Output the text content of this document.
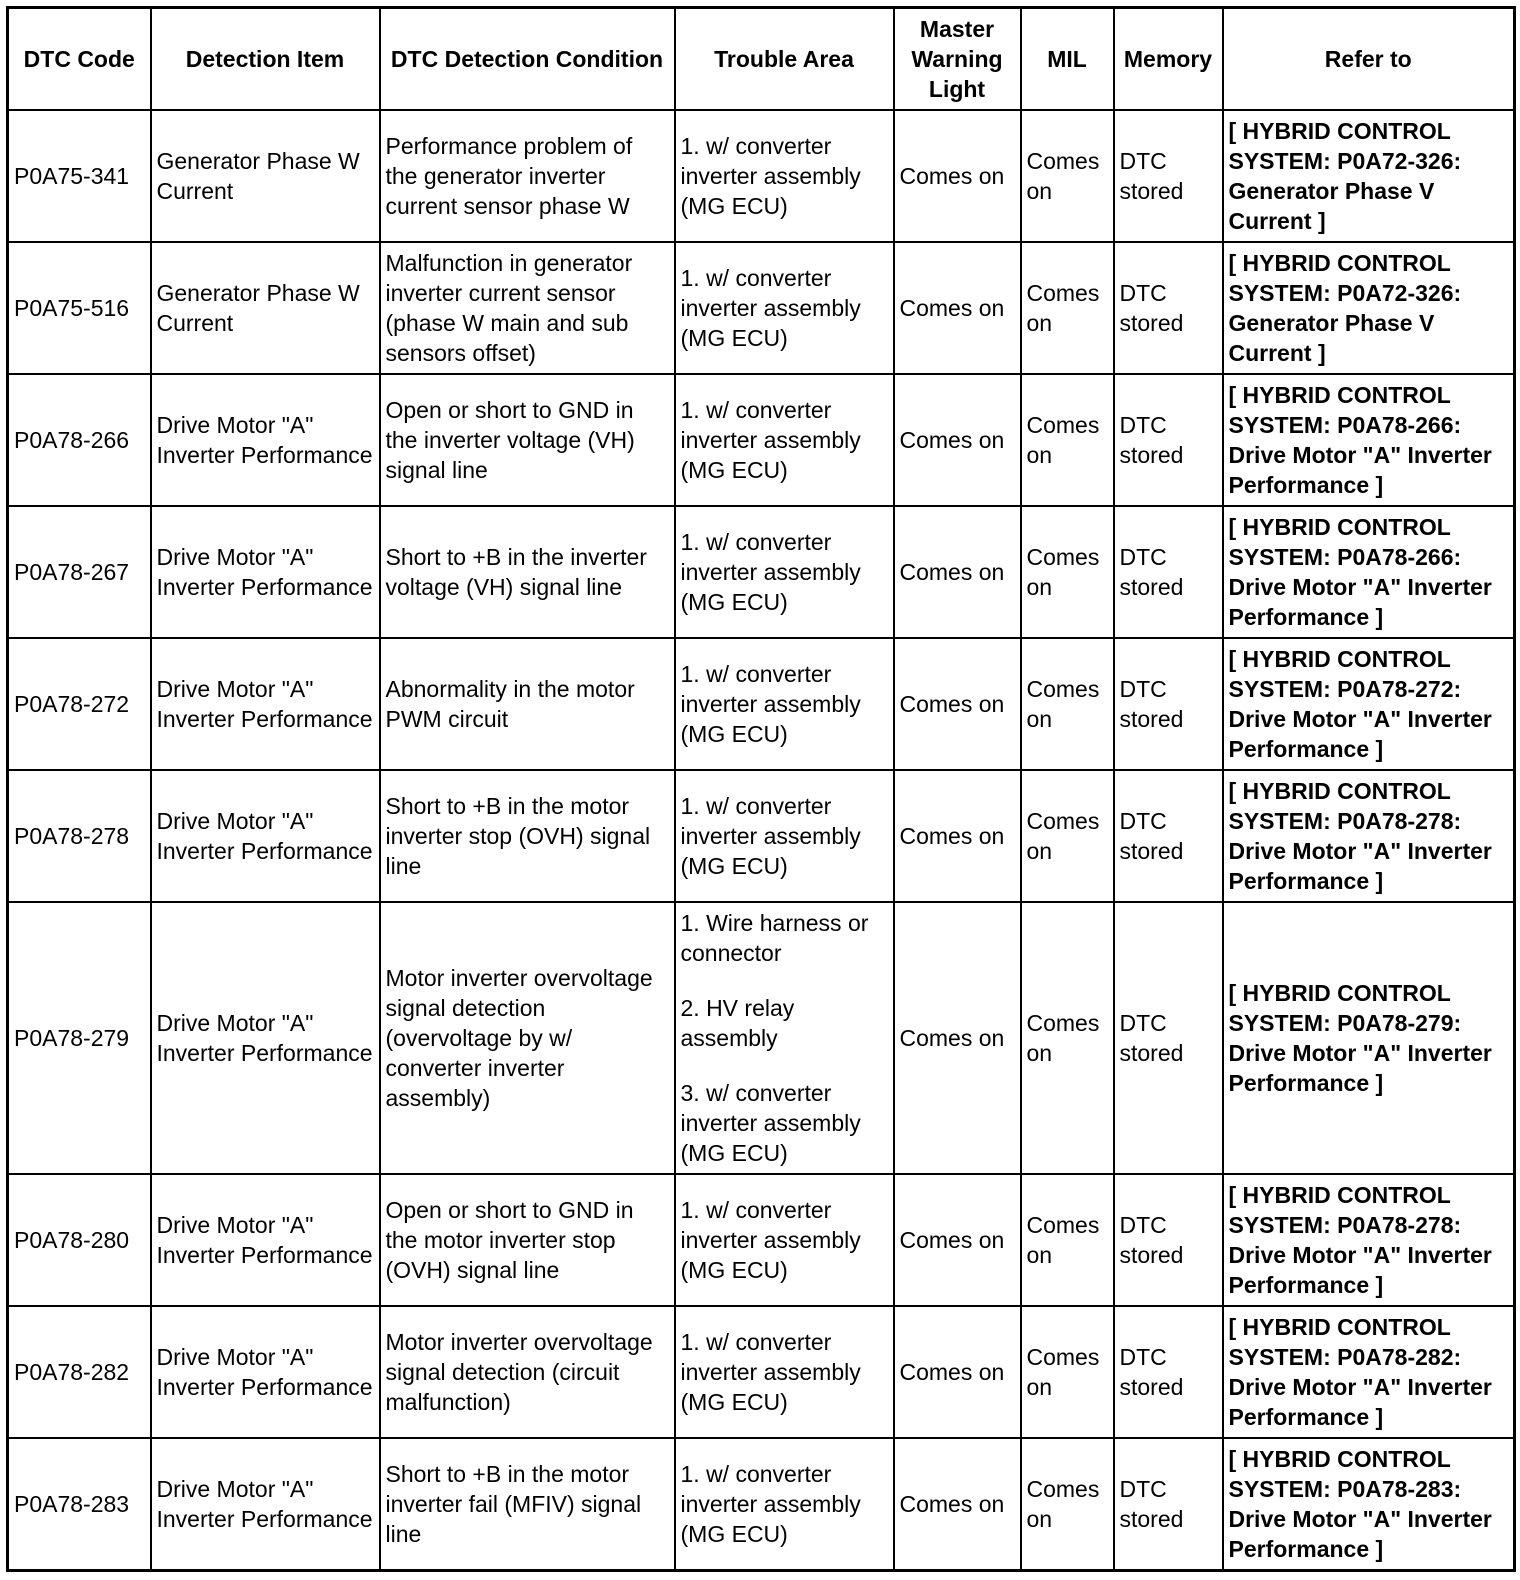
DTC Code	Detection Item	DTC Detection Condition	Trouble Area	Master Warning Light	MIL	Memory	Refer to
P0A75-341	Generator Phase W Current	Performance problem of the generator inverter current sensor phase W	1. w/ converter inverter assembly (MG ECU)	Comes on	Comes on	DTC stored	[ HYBRID CONTROL SYSTEM: P0A72-326: Generator Phase V Current ]
P0A75-516	Generator Phase W Current	Malfunction in generator inverter current sensor (phase W main and sub sensors offset)	1. w/ converter inverter assembly (MG ECU)	Comes on	Comes on	DTC stored	[ HYBRID CONTROL SYSTEM: P0A72-326: Generator Phase V Current ]
P0A78-266	Drive Motor "A" Inverter Performance	Open or short to GND in the inverter voltage (VH) signal line	1. w/ converter inverter assembly (MG ECU)	Comes on	Comes on	DTC stored	[ HYBRID CONTROL SYSTEM: P0A78-266: Drive Motor "A" Inverter Performance ]
P0A78-267	Drive Motor "A" Inverter Performance	Short to +B in the inverter voltage (VH) signal line	1. w/ converter inverter assembly (MG ECU)	Comes on	Comes on	DTC stored	[ HYBRID CONTROL SYSTEM: P0A78-266: Drive Motor "A" Inverter Performance ]
P0A78-272	Drive Motor "A" Inverter Performance	Abnormality in the motor PWM circuit	1. w/ converter inverter assembly (MG ECU)	Comes on	Comes on	DTC stored	[ HYBRID CONTROL SYSTEM: P0A78-272: Drive Motor "A" Inverter Performance ]
P0A78-278	Drive Motor "A" Inverter Performance	Short to +B in the motor inverter stop (OVH) signal line	1. w/ converter inverter assembly (MG ECU)	Comes on	Comes on	DTC stored	[ HYBRID CONTROL SYSTEM: P0A78-278: Drive Motor "A" Inverter Performance ]
P0A78-279	Drive Motor "A" Inverter Performance	Motor inverter overvoltage signal detection (overvoltage by w/ converter inverter assembly)	1. Wire harness or connector
2. HV relay assembly
3. w/ converter inverter assembly (MG ECU)	Comes on	Comes on	DTC stored	[ HYBRID CONTROL SYSTEM: P0A78-279: Drive Motor "A" Inverter Performance ]
P0A78-280	Drive Motor "A" Inverter Performance	Open or short to GND in the motor inverter stop (OVH) signal line	1. w/ converter inverter assembly (MG ECU)	Comes on	Comes on	DTC stored	[ HYBRID CONTROL SYSTEM: P0A78-278: Drive Motor "A" Inverter Performance ]
P0A78-282	Drive Motor "A" Inverter Performance	Motor inverter overvoltage signal detection (circuit malfunction)	1. w/ converter inverter assembly (MG ECU)	Comes on	Comes on	DTC stored	[ HYBRID CONTROL SYSTEM: P0A78-282: Drive Motor "A" Inverter Performance ]
P0A78-283	Drive Motor "A" Inverter Performance	Short to +B in the motor inverter fail (MFIV) signal line	1. w/ converter inverter assembly (MG ECU)	Comes on	Comes on	DTC stored	[ HYBRID CONTROL SYSTEM: P0A78-283: Drive Motor "A" Inverter Performance ]
